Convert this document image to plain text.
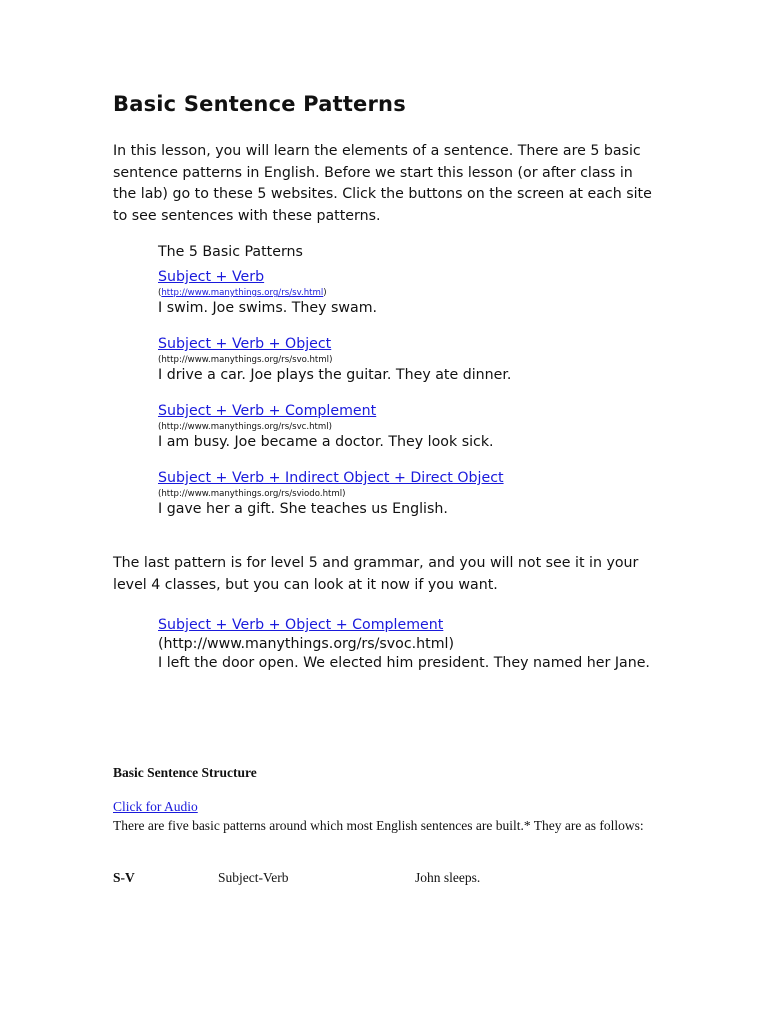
Basic Sentence Patterns

In this lesson, you will learn the elements of a sentence. There are 5 basic sentence patterns in English. Before we start this lesson (or after class in the lab) go to these 5 websites. Click the buttons on the screen at each site to see sentences with these patterns.

The 5 Basic Patterns
Subject + Verb
(http://www.manythings.org/rs/sv.html)
I swim. Joe swims. They swam.
Subject + Verb + Object
(http://www.manythings.org/rs/svo.html)
I drive a car. Joe plays the guitar. They ate dinner.
Subject + Verb + Complement
(http://www.manythings.org/rs/svc.html)
I am busy. Joe became a doctor. They look sick.
Subject + Verb + Indirect Object + Direct Object
(http://www.manythings.org/rs/sviodo.html)
I gave her a gift. She teaches us English.

The last pattern is for level 5 and grammar, and you will not see it in your level 4 classes, but you can look at it now if you want.

Subject + Verb + Object + Complement
(http://www.manythings.org/rs/svoc.html)
I left the door open. We elected him president. They named her Jane.
Basic Sentence Structure
Click for Audio

There are five basic patterns around which most English sentences are built.* They are as follows:

S-V	Subject-Verb	John sleeps.
